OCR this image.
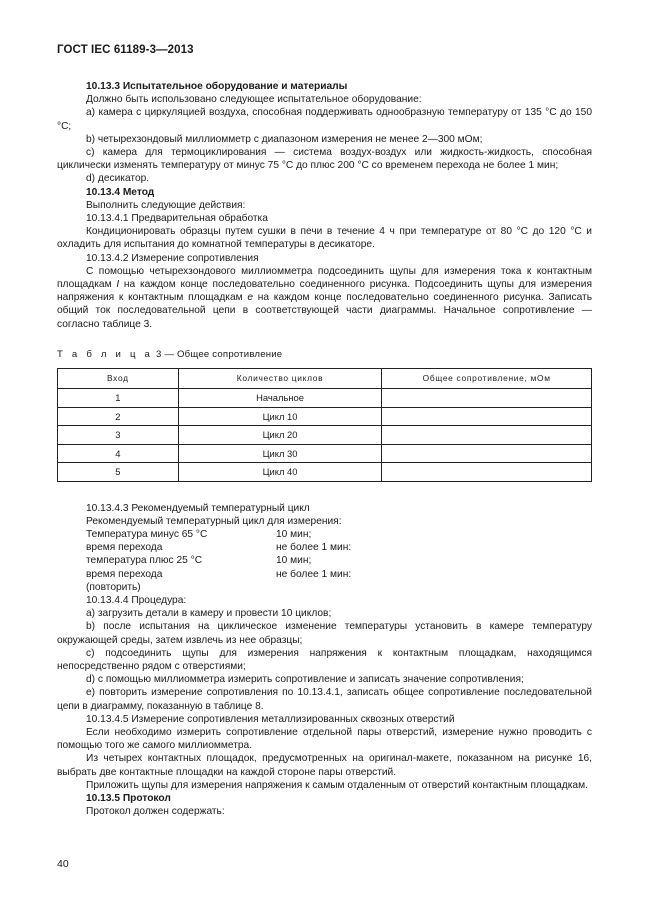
ГОСТ IEC 61189-3—2013

10.13.3 Испытательное оборудование и материалы

Должно быть использовано следующее испытательное оборудование:

a) камера с циркуляцией воздуха, способная поддерживать однообразную температуру от 135 °С до 150 °С;

b) четырехзондовый миллиомметр с диапазоном измерения не менее 2—300 мОм;

c) камера для термоциклирования — система воздух-воздух или жидкость-жидкость, способная циклически изменять температуру от минус 75 °С до плюс 200 °С со временем перехода не более 1 мин;

d) десикатор.

10.13.4 Метод

Выполнить следующие действия:

10.13.4.1 Предварительная обработка

Кондиционировать образцы путем сушки в печи в течение 4 ч при температуре от 80 °С до 120 °С и охладить для испытания до комнатной температуры в десикаторе.

10.13.4.2 Измерение сопротивления

С помощью четырехзондового миллиомметра подсоединить щупы для измерения тока к контактным площадкам I на каждом конце последовательно соединенного рисунка. Подсоединить щупы для измерения напряжения к контактным площадкам e на каждом конце последовательно соединенного рисунка. Записать общий ток последовательной цепи в соответствующей части диаграммы. Начальное сопротивление — согласно таблице 3.

Т а б л и ц а 3 — Общее сопротивление

Вход	Количество циклов	Общее сопротивление, мОм
1	Начальное	
2	Цикл 10	
3	Цикл 20	
4	Цикл 30	
5	Цикл 40	

10.13.4.3 Рекомендуемый температурный цикл

Рекомендуемый температурный цикл для измерения:

Температура минус 65 °С	10 мин;
время перехода	не более 1 мин:
температура плюс 25 °С	10 мин;
время перехода	не более 1 мин:
(повторить)

10.13.4.4 Процедура:

a) загрузить детали в камеру и провести 10 циклов;

b) после испытания на циклическое изменение температуры установить в камере температуру окружающей среды, затем извлечь из нее образцы;

c) подсоединить щупы для измерения напряжения к контактным площадкам, находящимся непосредственно рядом с отверстиями;

d) с помощью миллиомметра измерить сопротивление и записать значение сопротивления;

e) повторить измерение сопротивления по 10.13.4.1, записать общее сопротивление последовательной цепи в диаграмму, показанную в таблице 8.

10.13.4.5 Измерение сопротивления металлизированных сквозных отверстий

Если необходимо измерить сопротивление отдельной пары отверстий, измерение нужно проводить с помощью того же самого миллиомметра.

Из четырех контактных площадок, предусмотренных на оригинал-макете, показанном на рисунке 16, выбрать две контактные площадки на каждой стороне пары отверстий.

Приложить щупы для измерения напряжения к самым отдаленным от отверстий контактным площадкам.

10.13.5 Протокол

Протокол должен содержать:

40
